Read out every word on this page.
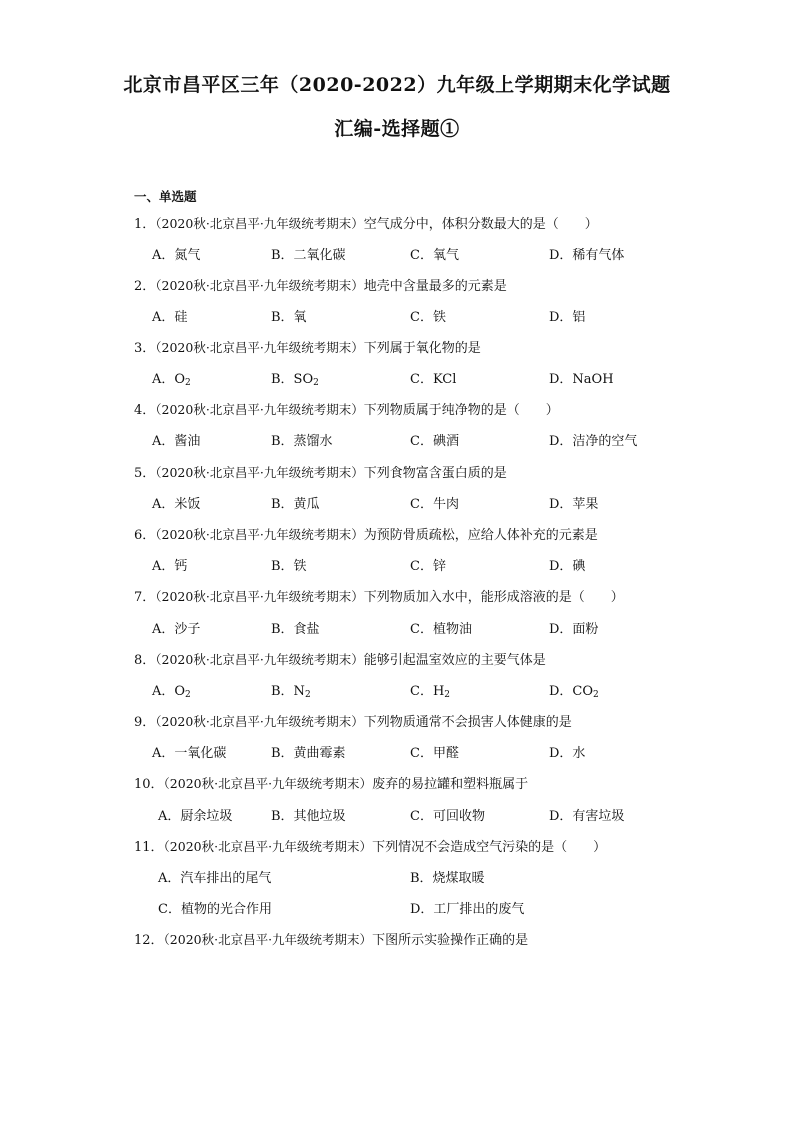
北京市昌平区三年（2020-2022）九年级上学期期末化学试题
汇编-选择题①
一、单选题
1．（2020秋·北京昌平·九年级统考期末）空气成分中，体积分数最大的是（　　）
A．氮气	B．二氧化碳	C．氧气	D．稀有气体
2．（2020秋·北京昌平·九年级统考期末）地壳中含量最多的元素是
A．硅	B．氧	C．铁	D．铝
3．（2020秋·北京昌平·九年级统考期末）下列属于氧化物的是
A．$O_2$	B．$SO_2$	C．KCl	D．NaOH
4．（2020秋·北京昌平·九年级统考期末）下列物质属于纯净物的是（　　）
A．酱油	B．蒸馏水	C．碘酒	D．洁净的空气
5．（2020秋·北京昌平·九年级统考期末）下列食物富含蛋白质的是
A．米饭	B．黄瓜	C．牛肉	D．苹果
6．（2020秋·北京昌平·九年级统考期末）为预防骨质疏松，应给人体补充的元素是
A．钙	B．铁	C．锌	D．碘
7．（2020秋·北京昌平·九年级统考期末）下列物质加入水中，能形成溶液的是（　　）
A．沙子	B．食盐	C．植物油	D．面粉
8．（2020秋·北京昌平·九年级统考期末）能够引起温室效应的主要气体是
A．$O_2$	B．$N_2$	C．$H_2$	D．$CO_2$
9．（2020秋·北京昌平·九年级统考期末）下列物质通常不会损害人体健康的是
A．一氧化碳	B．黄曲霉素	C．甲醛	D．水
10．（2020秋·北京昌平·九年级统考期末）废弃的易拉罐和塑料瓶属于
A．厨余垃圾	B．其他垃圾	C．可回收物	D．有害垃圾
11．（2020秋·北京昌平·九年级统考期末）下列情况不会造成空气污染的是（　　）
A．汽车排出的尾气	B．烧煤取暖
C．植物的光合作用	D．工厂排出的废气
12．（2020秋·北京昌平·九年级统考期末）下图所示实验操作正确的是
